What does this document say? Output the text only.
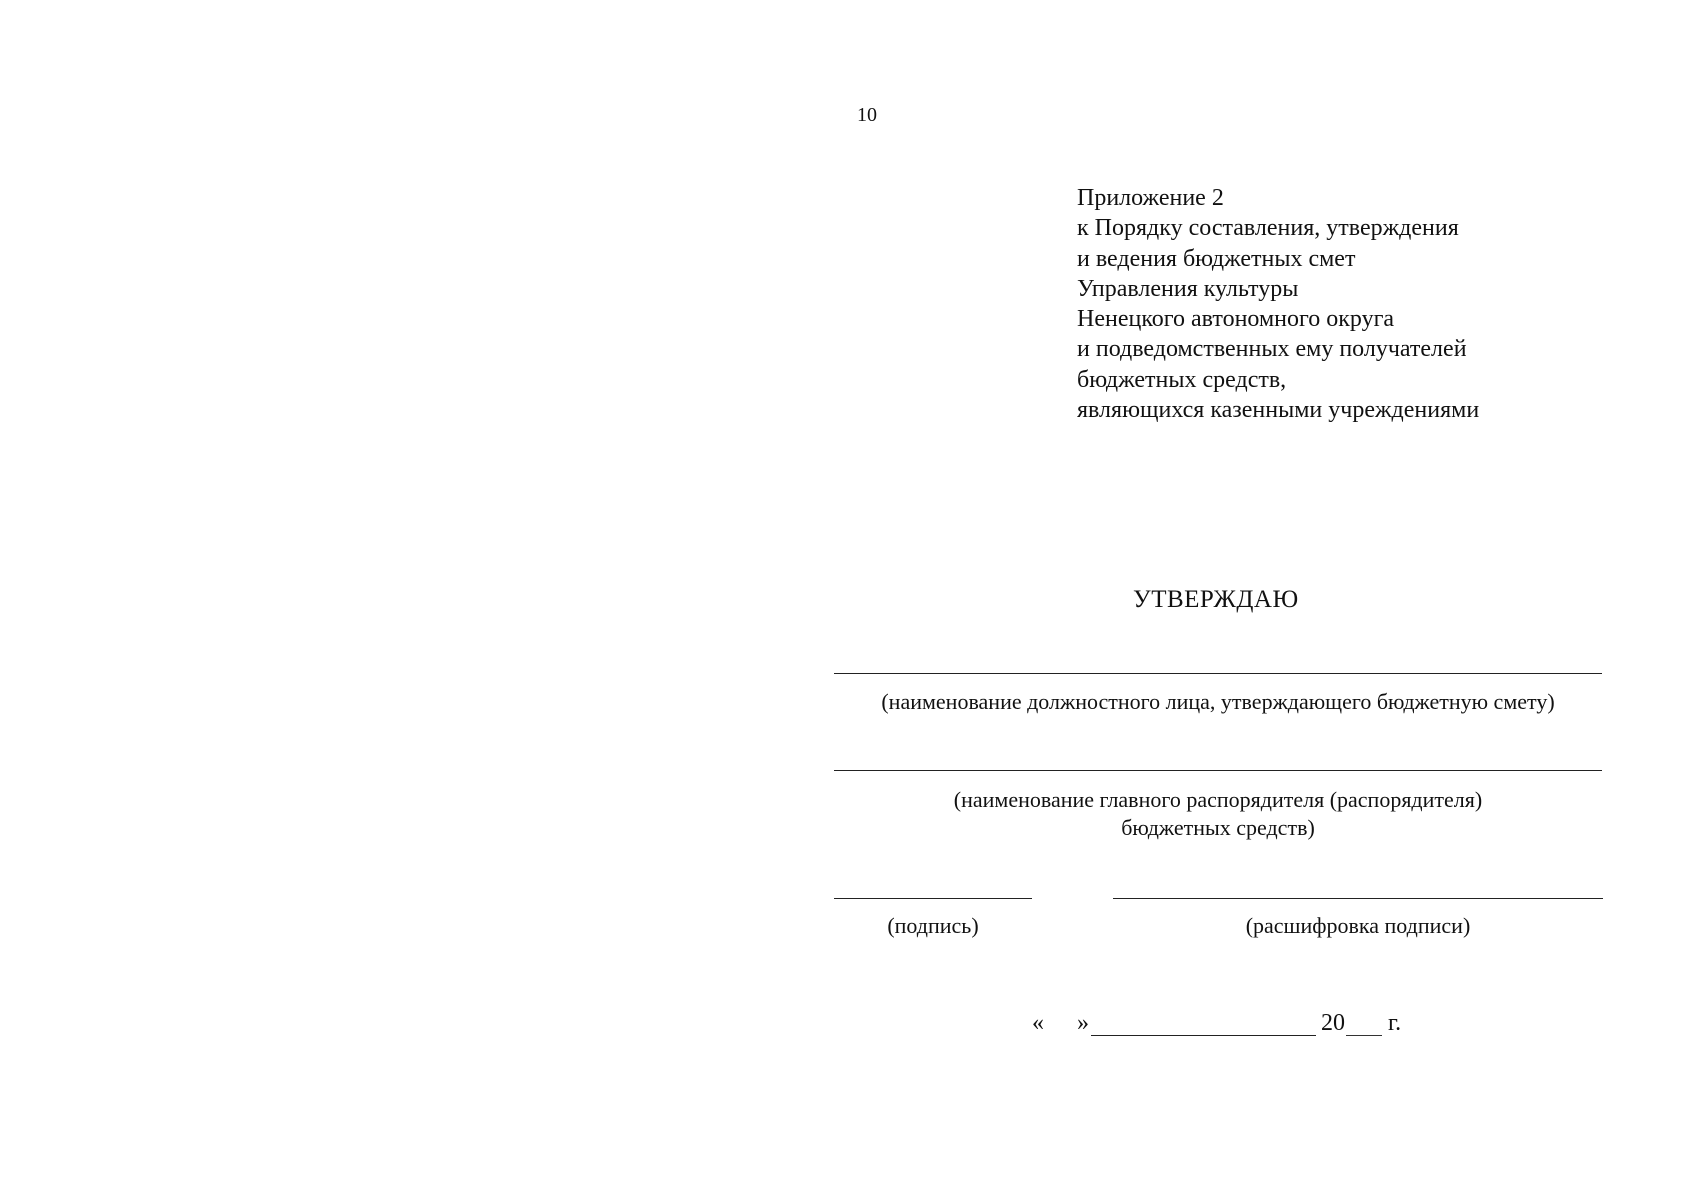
10
Приложение 2
к Порядку составления, утверждения
и ведения бюджетных смет
Управления культуры
Ненецкого автономного округа
и подведомственных ему получателей
бюджетных средств,
являющихся казенными учреждениями
УТВЕРЖДАЮ
(наименование должностного лица, утверждающего бюджетную смету)
(наименование главного распорядителя (распорядителя)
бюджетных средств)
(подпись)	(расшифровка подписи)
« »	20 г.
